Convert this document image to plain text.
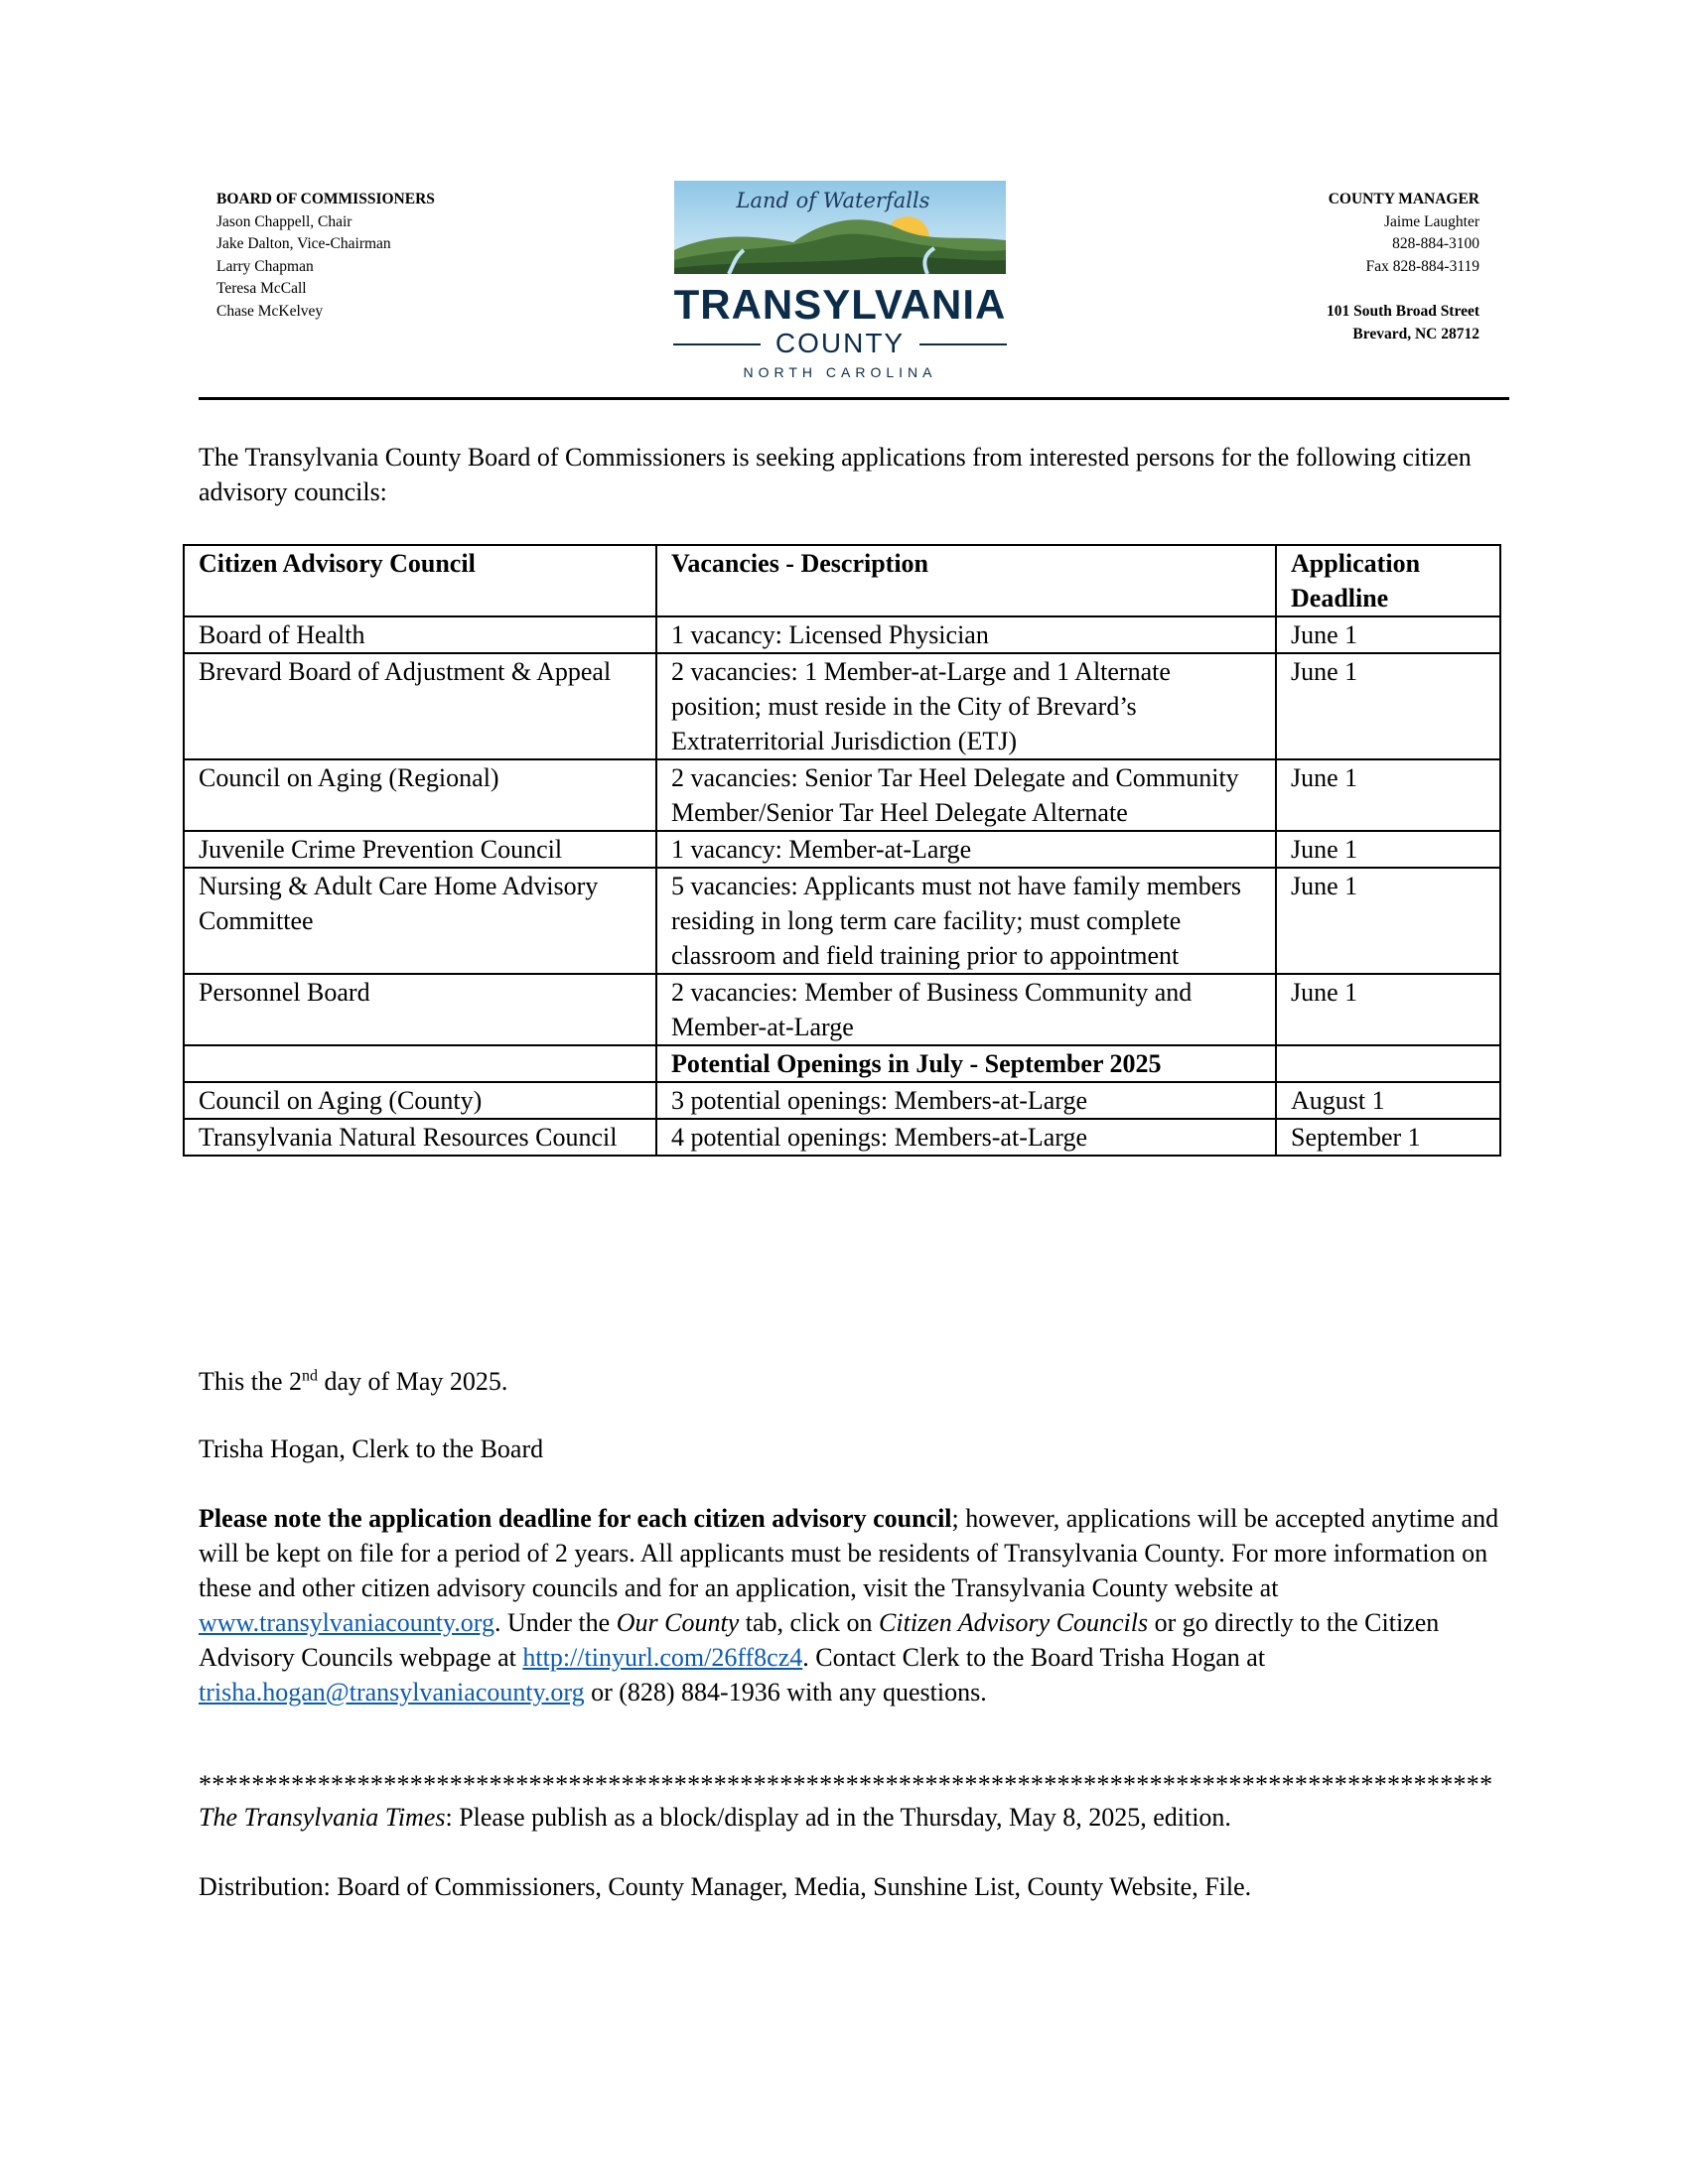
BOARD OF COMMISSIONERS
Jason Chappell, Chair
Jake Dalton, Vice-Chairman
Larry Chapman
Teresa McCall
Chase McKelvey
Land of Waterfalls
TRANSYLVANIA
COUNTY
NORTH CAROLINA
COUNTY MANAGER
Jaime Laughter
828-884-3100
Fax 828-884-3119
101 South Broad Street
Brevard, NC 28712
The Transylvania County Board of Commissioners is seeking applications from interested persons for the following citizen advisory councils:
Citizen Advisory Council	Vacancies - Description	Application Deadline
Board of Health	1 vacancy: Licensed Physician	June 1
Brevard Board of Adjustment & Appeal	2 vacancies: 1 Member-at-Large and 1 Alternate position; must reside in the City of Brevard’s Extraterritorial Jurisdiction (ETJ)	June 1
Council on Aging (Regional)	2 vacancies: Senior Tar Heel Delegate and Community Member/Senior Tar Heel Delegate Alternate	June 1
Juvenile Crime Prevention Council	1 vacancy: Member-at-Large	June 1
Nursing & Adult Care Home Advisory Committee	5 vacancies: Applicants must not have family members residing in long term care facility; must complete classroom and field training prior to appointment	June 1
Personnel Board	2 vacancies: Member of Business Community and Member-at-Large	June 1
	Potential Openings in July - September 2025	
Council on Aging (County)	3 potential openings: Members-at-Large	August 1
Transylvania Natural Resources Council	4 potential openings: Members-at-Large	September 1
This the 2nd day of May 2025.
Trisha Hogan, Clerk to the Board
Please note the application deadline for each citizen advisory council; however, applications will be accepted anytime and will be kept on file for a period of 2 years. All applicants must be residents of Transylvania County. For more information on these and other citizen advisory councils and for an application, visit the Transylvania County website at www.transylvaniacounty.org. Under the Our County tab, click on Citizen Advisory Councils or go directly to the Citizen Advisory Councils webpage at http://tinyurl.com/26ff8cz4. Contact Clerk to the Board Trisha Hogan at trisha.hogan@transylvaniacounty.org or (828) 884-1936 with any questions.
**************************************************************************************************
The Transylvania Times: Please publish as a block/display ad in the Thursday, May 8, 2025, edition.
Distribution: Board of Commissioners, County Manager, Media, Sunshine List, County Website, File.
